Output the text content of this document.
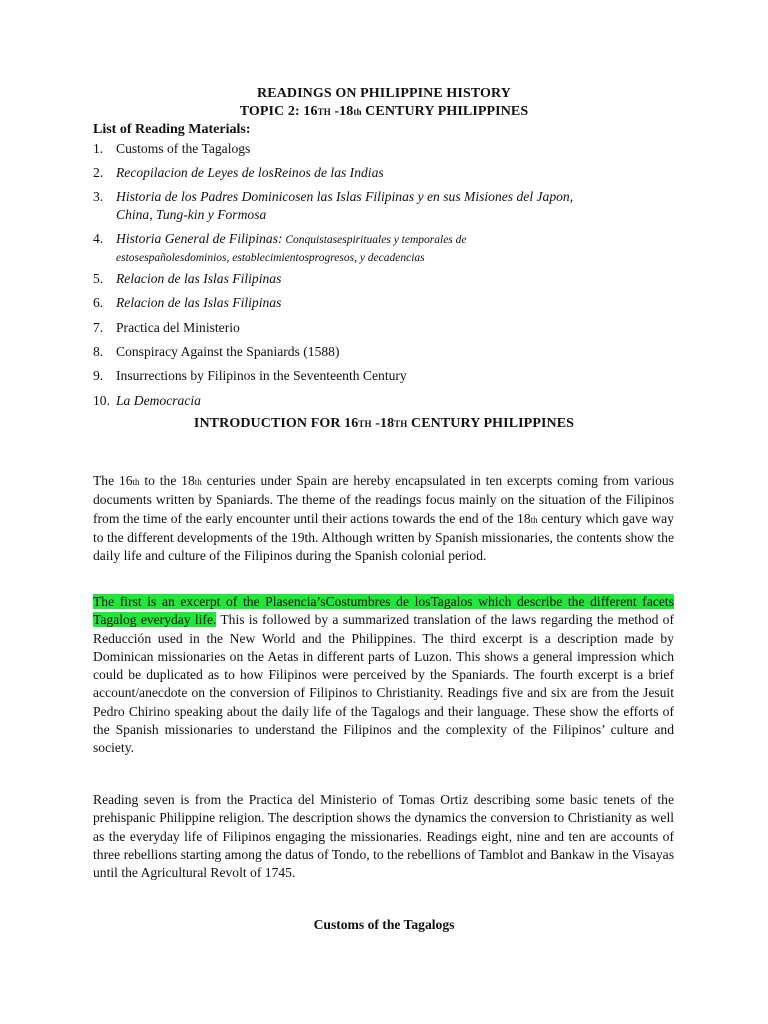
READINGS ON PHILIPPINE HISTORY
TOPIC 2: 16TH -18th CENTURY PHILIPPINES
List of Reading Materials:
1. Customs of the Tagalogs
2. Recopilacion de Leyes de losReinos de las Indias
3. Historia de los Padres Dominicosen las Islas Filipinas y en sus Misiones del Japon,
China, Tung-kin y Formosa
4. Historia General de Filipinas: Conquistasespirituales y temporales de
estosespañolesdominios, establecimientosprogresos, y decadencias
5. Relacion de las Islas Filipinas
6. Relacion de las Islas Filipinas
7. Practica del Ministerio
8. Conspiracy Against the Spaniards (1588)
9. Insurrections by Filipinos in the Seventeenth Century
10. La Democracia
INTRODUCTION FOR 16TH -18TH CENTURY PHILIPPINES
The 16th to the 18th centuries under Spain are hereby encapsulated in ten excerpts coming from various documents written by Spaniards. The theme of the readings focus mainly on the situation of the Filipinos from the time of the early encounter until their actions towards the end of the 18th century which gave way to the different developments of the 19th. Although written by Spanish missionaries, the contents show the daily life and culture of the Filipinos during the Spanish colonial period.
The first is an excerpt of the Plasencia’sCostumbres de losTagalos which describe the different facets Tagalog everyday life. This is followed by a summarized translation of the laws regarding the method of Reducción used in the New World and the Philippines. The third excerpt is a description made by Dominican missionaries on the Aetas in different parts of Luzon. This shows a general impression which could be duplicated as to how Filipinos were perceived by the Spaniards. The fourth excerpt is a brief account/anecdote on the conversion of Filipinos to Christianity. Readings five and six are from the Jesuit Pedro Chirino speaking about the daily life of the Tagalogs and their language. These show the efforts of the Spanish missionaries to understand the Filipinos and the complexity of the Filipinos’ culture and society.
Reading seven is from the Practica del Ministerio of Tomas Ortiz describing some basic tenets of the prehispanic Philippine religion. The description shows the dynamics the conversion to Christianity as well as the everyday life of Filipinos engaging the missionaries. Readings eight, nine and ten are accounts of three rebellions starting among the datus of Tondo, to the rebellions of Tamblot and Bankaw in the Visayas until the Agricultural Revolt of 1745.
Customs of the Tagalogs
